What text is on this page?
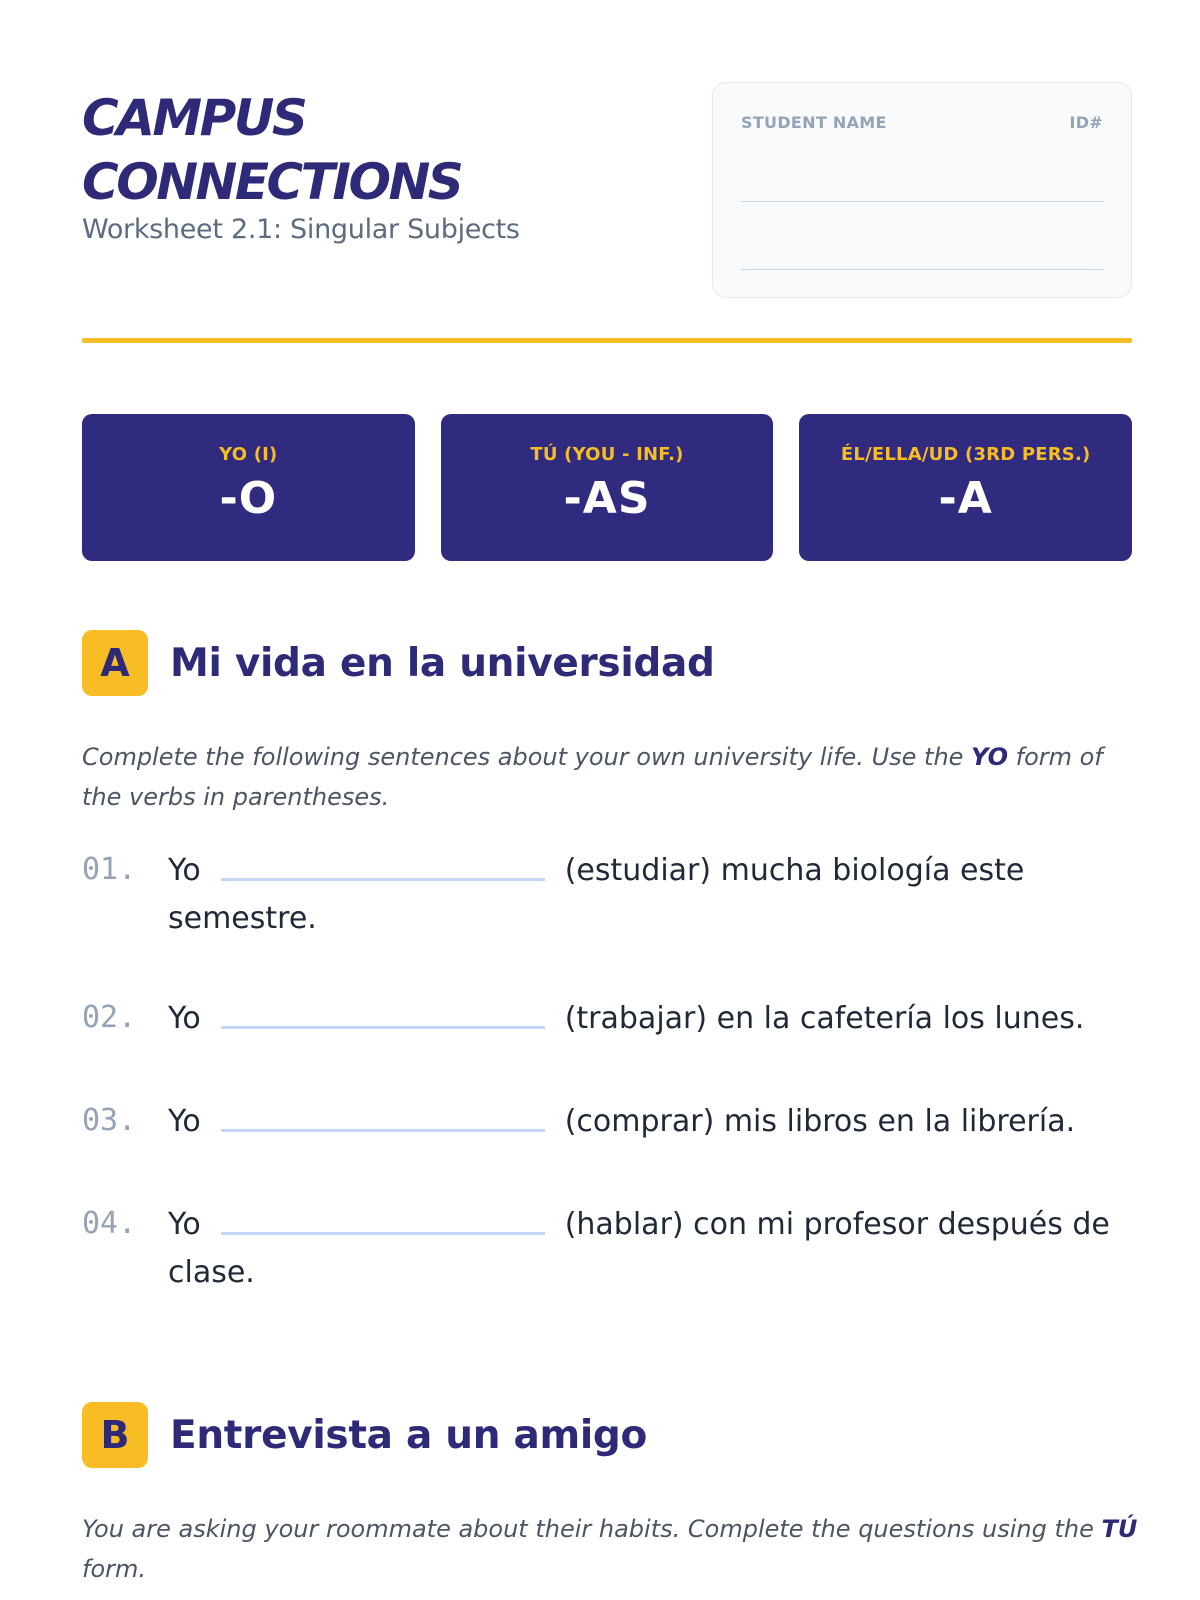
CAMPUS
CONNECTIONS
Worksheet 2.1: Singular Subjects
STUDENT NAME	ID#
YO (I)
-O
TÚ (YOU - INF.)
-AS
ÉL/ELLA/UD (3RD PERS.)
-A
A	Mi vida en la universidad
Complete the following sentences about your own university life. Use the YO form of the verbs in parentheses.
01. Yo	(estudiar) mucha biología este semestre.
02. Yo	(trabajar) en la cafetería los lunes.
03. Yo	(comprar) mis libros en la librería.
04. Yo	(hablar) con mi profesor después de clase.
B	Entrevista a un amigo
You are asking your roommate about their habits. Complete the questions using the TÚ form.
